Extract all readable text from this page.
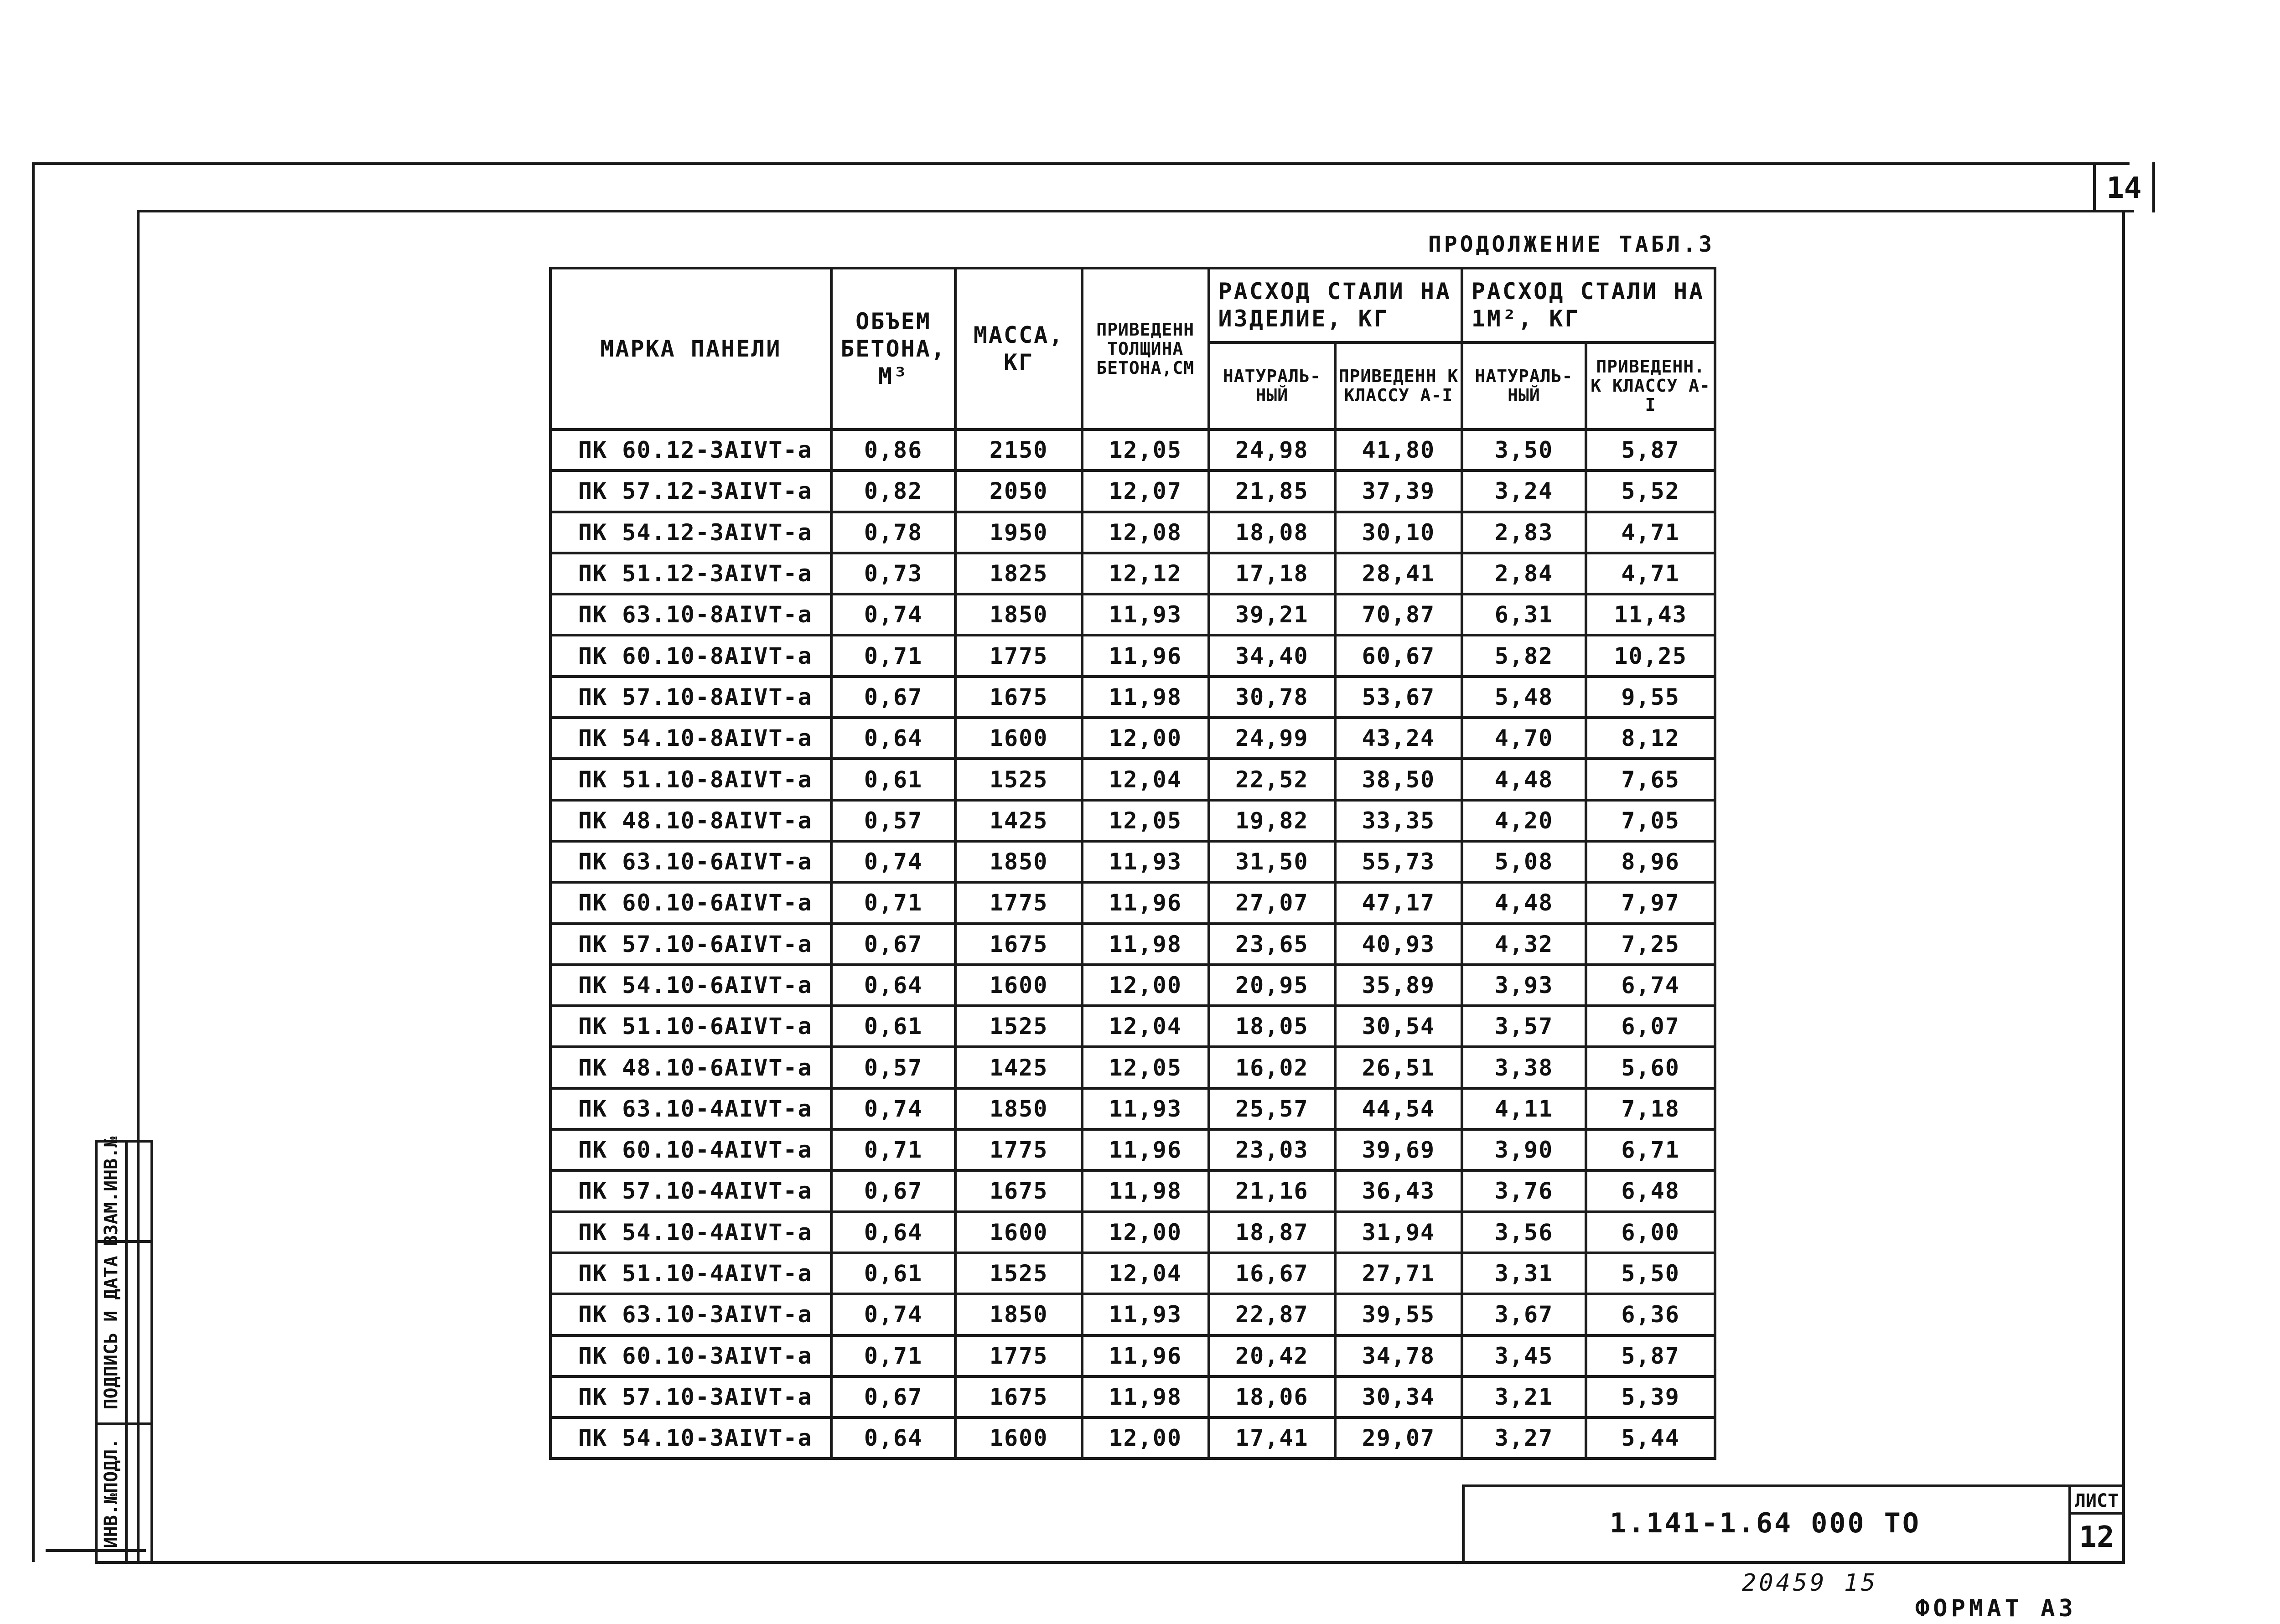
14
ПРОДОЛЖЕНИЕ ТАБЛ.3
МАРКА ПАНЕЛИ	ОБЪЕМ БЕТОНА, М³	МАССА, КГ	ПРИВЕДЕНН ТОЛЩИНА БЕТОНА,СМ	РАСХОД СТАЛИ НА ИЗДЕЛИЕ, КГ		РАСХОД СТАЛИ НА 1М², КГ	
				НАТУРАЛЬ-НЫЙ	ПРИВЕДЕНН К КЛАССУ А-I	НАТУРАЛЬ-НЫЙ	ПРИВЕДЕНН. К КЛАССУ А-I
ПК 60.12-3АIVТ-а	0,86	2150	12,05	24,98	41,80	3,50	5,87
ПК 57.12-3АIVТ-а	0,82	2050	12,07	21,85	37,39	3,24	5,52
ПК 54.12-3АIVТ-а	0,78	1950	12,08	18,08	30,10	2,83	4,71
ПК 51.12-3АIVТ-а	0,73	1825	12,12	17,18	28,41	2,84	4,71
ПК 63.10-8АIVТ-а	0,74	1850	11,93	39,21	70,87	6,31	11,43
ПК 60.10-8АIVТ-а	0,71	1775	11,96	34,40	60,67	5,82	10,25
ПК 57.10-8АIVТ-а	0,67	1675	11,98	30,78	53,67	5,48	9,55
ПК 54.10-8АIVТ-а	0,64	1600	12,00	24,99	43,24	4,70	8,12
ПК 51.10-8АIVТ-а	0,61	1525	12,04	22,52	38,50	4,48	7,65
ПК 48.10-8АIVТ-а	0,57	1425	12,05	19,82	33,35	4,20	7,05
ПК 63.10-6АIVТ-а	0,74	1850	11,93	31,50	55,73	5,08	8,96
ПК 60.10-6АIVТ-а	0,71	1775	11,96	27,07	47,17	4,48	7,97
ПК 57.10-6АIVТ-а	0,67	1675	11,98	23,65	40,93	4,32	7,25
ПК 54.10-6АIVТ-а	0,64	1600	12,00	20,95	35,89	3,93	6,74
ПК 51.10-6АIVТ-а	0,61	1525	12,04	18,05	30,54	3,57	6,07
ПК 48.10-6АIVТ-а	0,57	1425	12,05	16,02	26,51	3,38	5,60
ПК 63.10-4АIVТ-а	0,74	1850	11,93	25,57	44,54	4,11	7,18
ПК 60.10-4АIVТ-а	0,71	1775	11,96	23,03	39,69	3,90	6,71
ПК 57.10-4АIVТ-а	0,67	1675	11,98	21,16	36,43	3,76	6,48
ПК 54.10-4АIVТ-а	0,64	1600	12,00	18,87	31,94	3,56	6,00
ПК 51.10-4АIVТ-а	0,61	1525	12,04	16,67	27,71	3,31	5,50
ПК 63.10-3АIVТ-а	0,74	1850	11,93	22,87	39,55	3,67	6,36
ПК 60.10-3АIVТ-а	0,71	1775	11,96	20,42	34,78	3,45	5,87
ПК 57.10-3АIVТ-а	0,67	1675	11,98	18,06	30,34	3,21	5,39
ПК 54.10-3АIVТ-а	0,64	1600	12,00	17,41	29,07	3,27	5,44
ВЗАМ.ИНВ.№	

ПОДПИСЬ И ДАТА	

ИНВ.№ПОДЛ.	
		1.141-1.64 000 ТО
ЛИСТ
12
20459 15
ФОРМАТ А3
